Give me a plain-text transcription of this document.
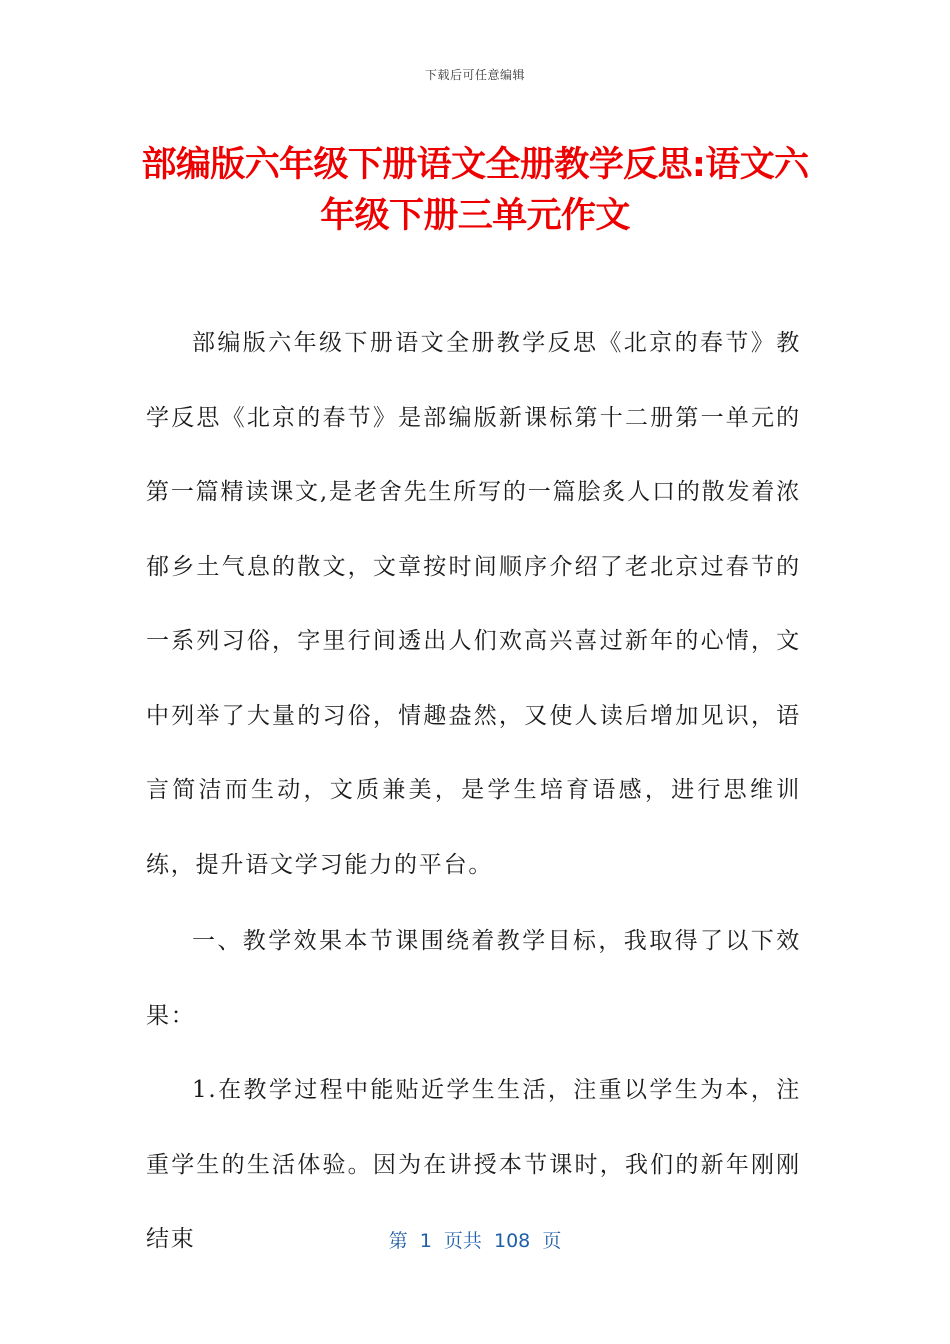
下载后可任意编辑
部编版六年级下册语文全册教学反思:语文六年级下册三单元作文
部编版六年级下册语文全册教学反思《北京的春节》教学反思《北京的春节》是部编版新课标第十二册第一单元的第一篇精读课文,是老舍先生所写的一篇脍炙人口的散发着浓郁乡土气息的散文，文章按时间顺序介绍了老北京过春节的一系列习俗，字里行间透出人们欢高兴喜过新年的心情，文中列举了大量的习俗，情趣盎然，又使人读后增加见识，语言简洁而生动，文质兼美，是学生培育语感，进行思维训练，提升语文学习能力的平台。
一、教学效果本节课围绕着教学目标，我取得了以下效果：
1.在教学过程中能贴近学生生活，注重以学生为本，注重学生的生活体验。因为在讲授本节课时，我们的新年刚刚结束	第  1  页共  108  页
